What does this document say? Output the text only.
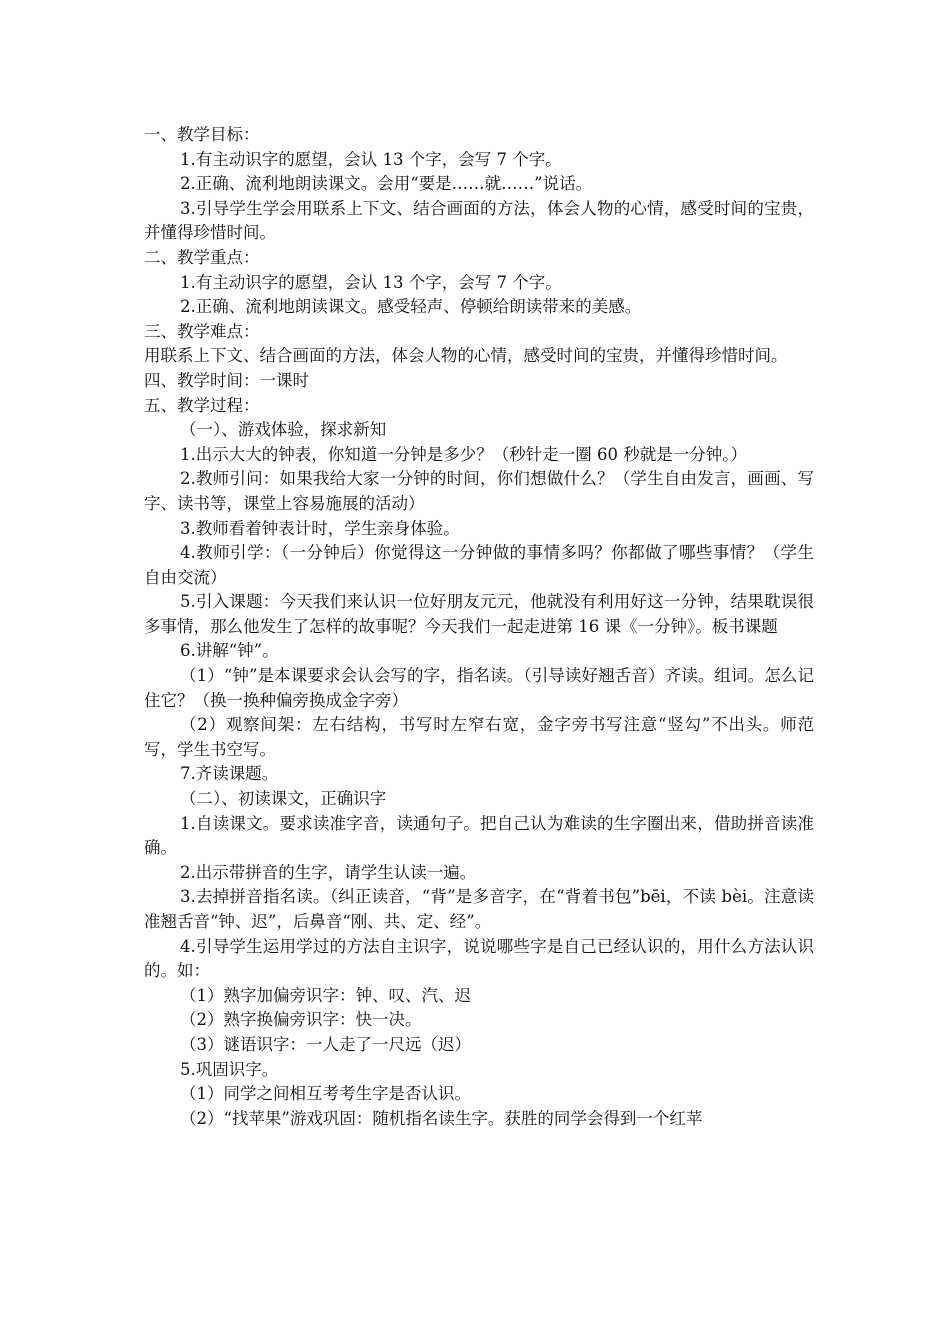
一、教学目标：

1.有主动识字的愿望，会认 13 个字，会写 7 个字。

2.正确、流利地朗读课文。会用“要是……就……”说话。

3.引导学生学会用联系上下文、结合画面的方法，体会人物的心情，感受时间的宝贵，并懂得珍惜时间。

二、教学重点：

1.有主动识字的愿望，会认 13 个字，会写 7 个字。

2.正确、流利地朗读课文。感受轻声、停顿给朗读带来的美感。

三、教学难点：

用联系上下文、结合画面的方法，体会人物的心情，感受时间的宝贵，并懂得珍惜时间。

四、教学时间：一课时

五、教学过程：

（一）、游戏体验，探求新知

1.出示大大的钟表，你知道一分钟是多少？（秒针走一圈 60 秒就是一分钟。）

2.教师引问：如果我给大家一分钟的时间，你们想做什么？（学生自由发言，画画、写字、读书等，课堂上容易施展的活动）

3.教师看着钟表计时，学生亲身体验。

4.教师引学：（一分钟后）你觉得这一分钟做的事情多吗？你都做了哪些事情？（学生自由交流）

5.引入课题：今天我们来认识一位好朋友元元，他就没有利用好这一分钟，结果耽误很多事情，那么他发生了怎样的故事呢？今天我们一起走进第 16 课《一分钟》。板书课题

6.讲解“钟”。

（1）“钟”是本课要求会认会写的字，指名读。（引导读好翘舌音）齐读。组词。怎么记住它？（换一换种偏旁换成金字旁）

（2）观察间架：左右结构，书写时左窄右宽，金字旁书写注意“竖勾”不出头。师范写，学生书空写。

7.齐读课题。

（二）、初读课文，正确识字

1.自读课文。要求读准字音，读通句子。把自己认为难读的生字圈出来，借助拼音读准确。

2.出示带拼音的生字，请学生认读一遍。

3.去掉拼音指名读。（纠正读音，“背”是多音字，在“背着书包”bēi，不读 bèi。注意读准翘舌音“钟、迟”，后鼻音“刚、共、定、经”。

4.引导学生运用学过的方法自主识字，说说哪些字是自己已经认识的，用什么方法认识的。如：

（1）熟字加偏旁识字：钟、叹、汽、迟

（2）熟字换偏旁识字：快一决。

（3）谜语识字：一人走了一尺远（迟）

5.巩固识字。

（1）同学之间相互考考生字是否认识。

（2）“找苹果”游戏巩固：随机指名读生字。获胜的同学会得到一个红苹
